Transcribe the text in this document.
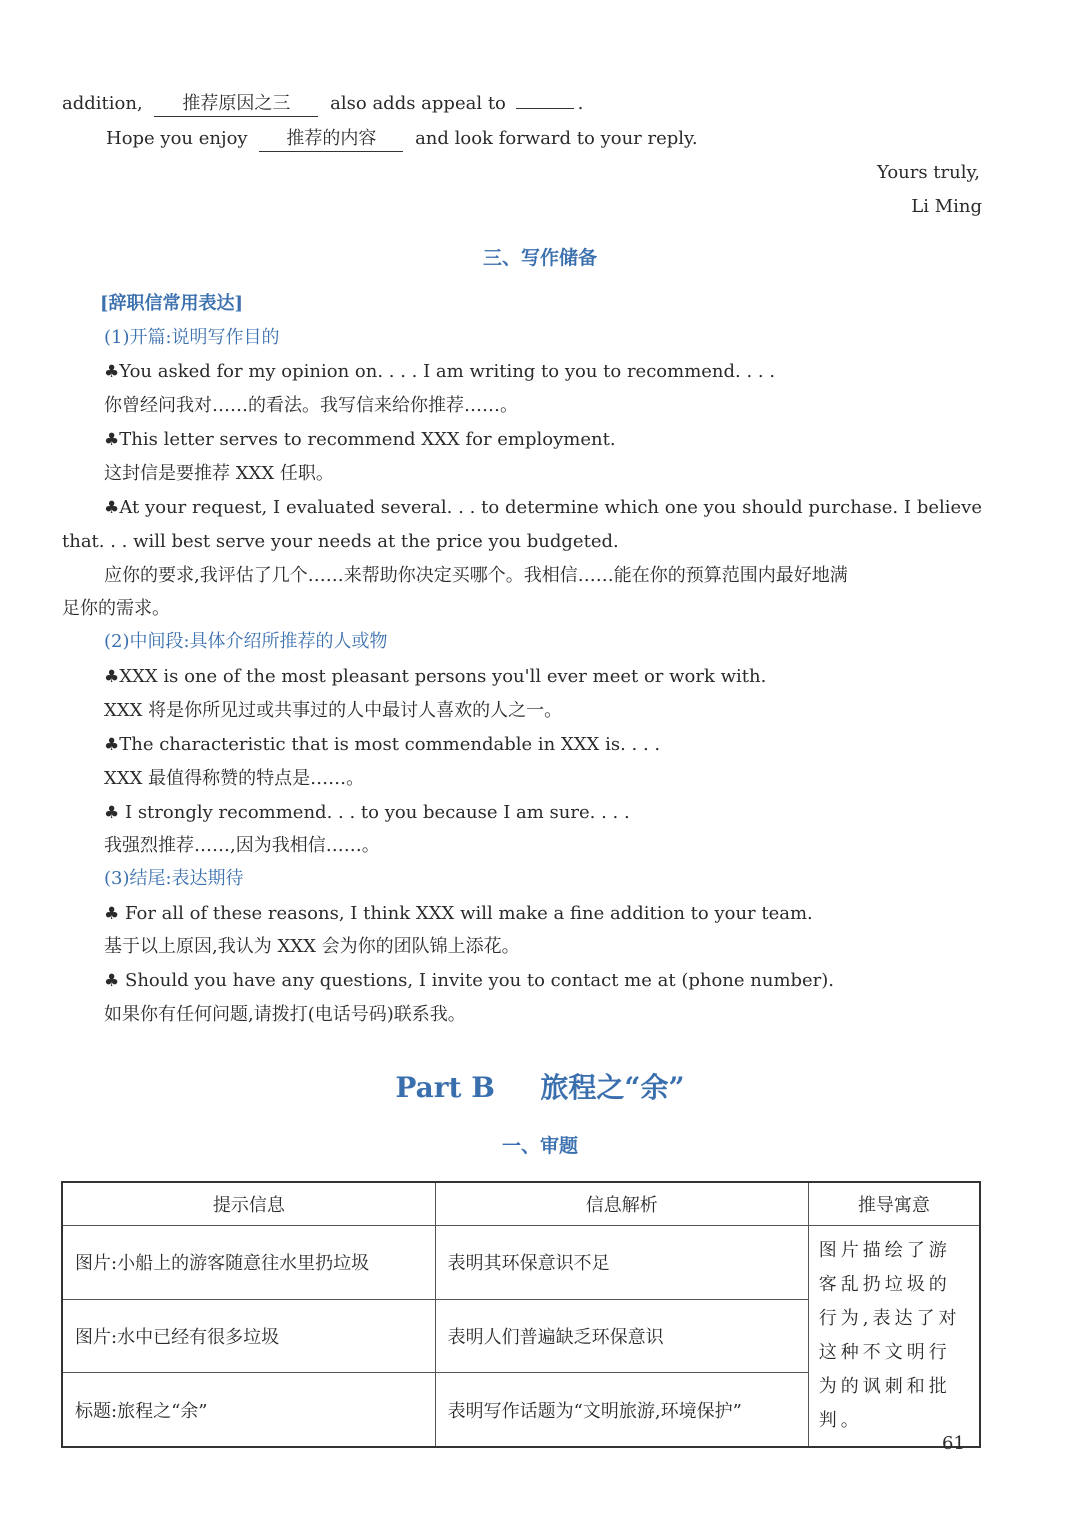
addition, 推荐原因之三 also adds appeal to	.
Hope you enjoy 推荐的内容 and look forward to your reply.
Yours truly,
Li Ming
三、写作储备
[辞职信常用表达]
(1)开篇:说明写作目的
♣You asked for my opinion on. . . . I am writing to you to recommend. . . .
你曾经问我对……的看法。我写信来给你推荐……。
♣This letter serves to recommend XXX for employment.
这封信是要推荐 XXX 任职。
♣At your request, I evaluated several. . . to determine which one you should purchase. I believe
that. . . will best serve your needs at the price you budgeted.
应你的要求,我评估了几个……来帮助你决定买哪个。我相信……能在你的预算范围内最好地满
足你的需求。
(2)中间段:具体介绍所推荐的人或物
♣XXX is one of the most pleasant persons you'll ever meet or work with.
XXX 将是你所见过或共事过的人中最讨人喜欢的人之一。
♣The characteristic that is most commendable in XXX is. . . .
XXX 最值得称赞的特点是……。
♣ I strongly recommend. . . to you because I am sure. . . .
我强烈推荐……,因为我相信……。
(3)结尾:表达期待
♣ For all of these reasons, I think XXX will make a fine addition to your team.
基于以上原因,我认为 XXX 会为你的团队锦上添花。
♣ Should you have any questions, I invite you to contact me at (phone number).
如果你有任何问题,请拨打(电话号码)联系我。
Part B 旅程之“余”
一、审题
提示信息	信息解析	推导寓意
图片:小船上的游客随意往水里扔垃圾	表明其环保意识不足	图片描绘了游客乱扔垃圾的行为,表达了对这种不文明行为的讽刺和批判。
图片:水中已经有很多垃圾	表明人们普遍缺乏环保意识	
标题:旅程之“余”	表明写作话题为“文明旅游,环境保护”	
61
